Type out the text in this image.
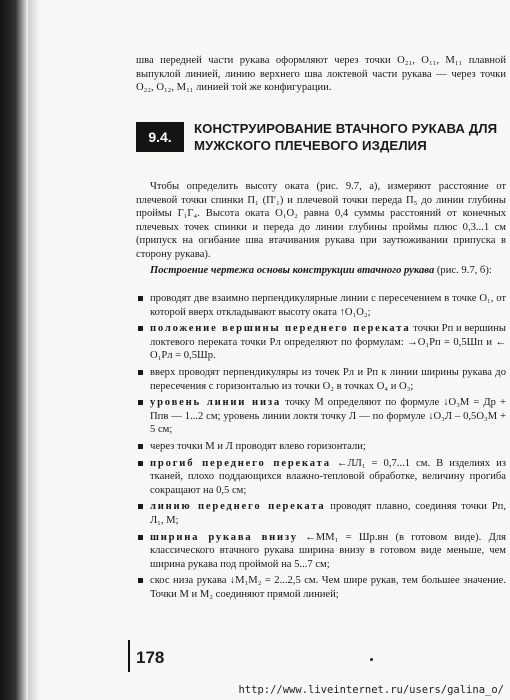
шва передней части рукава оформляют через точки O₂₁, O₁₁, M₁₁ плавной выпуклой линией, линию верхнего шва локтевой части рукава — через точки O₂₂, O₁₂, M₁₁ линией той же конфигурации.
9.4.
КОНСТРУИРОВАНИЕ ВТАЧНОГО РУКАВА ДЛЯ МУЖСКОГО ПЛЕЧЕВОГО ИЗДЕЛИЯ
Чтобы определить высоту оката (рис. 9.7, а), измеряют расстояние от плечевой точки спинки П₁ (П′₁) и плечевой точки переда П₅ до линии глубины проймы Г₁Г₄. Высота оката O₁O₂ равна 0,4 суммы расстояний от конечных плечевых точек спинки и переда до линии глубины проймы плюс 0,3...1 см (припуск на огибание шва втачивания рукава при заутюживании припуска в сторону рукава).
Построение чертежа основы конструкции втачного рукава (рис. 9.7, б):
проводят две взаимно перпендикулярные линии с пересечением в точке O₁, от которой вверх откладывают высоту оката ↑O₁O₂;
положение вершины переднего переката точки Рп и вершины локтевого переката точки Рл определяют по формулам: →O₁Рп = 0,5Шп и ← O₁Рл = 0,5Шр.
вверх проводят перпендикуляры из точек Рл и Рп к линии ширины рукава до пересечения с горизонталью из точки O₂ в точках O₄ и O₃;
уровень линии низа точку М определяют по формуле ↓O₃M = Др + Ппв — 1...2 см; уровень линии локтя точку Л — по формуле ↓O₃Л – 0,5O₃M + 5 см;
через точки М и Л проводят влево горизонтали;
прогиб переднего переката ←ЛЛ₁ = 0,7...1 см. В изделиях из тканей, плохо поддающихся влажно-тепловой обработке, величину прогиба сокращают на 0,5 см;
линию переднего переката проводят плавно, соединяя точки Рп, Л₁, М;
ширина рукава внизу ←MM₁ = Шр.вн (в готовом виде). Для классического втачного рукава ширина внизу в готовом виде меньше, чем ширина рукава под проймой на 5...7 см;
скос низа рукава ↓M₁M₂ = 2...2,5 см. Чем шире рукав, тем большее значение. Точки М и M₂ соединяют прямой линией;
178
http://www.liveinternet.ru/users/galina_o/
